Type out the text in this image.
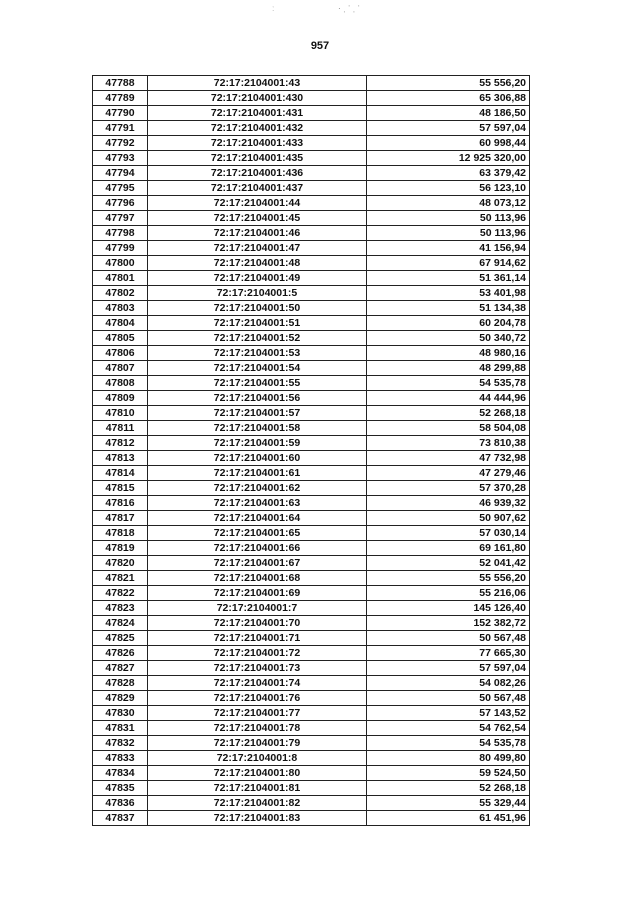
ː	· ˌ ˈ ˌ ˈ
957
47788	72:17:2104001:43	55 556,20
47789	72:17:2104001:430	65 306,88
47790	72:17:2104001:431	48 186,50
47791	72:17:2104001:432	57 597,04
47792	72:17:2104001:433	60 998,44
47793	72:17:2104001:435	12 925 320,00
47794	72:17:2104001:436	63 379,42
47795	72:17:2104001:437	56 123,10
47796	72:17:2104001:44	48 073,12
47797	72:17:2104001:45	50 113,96
47798	72:17:2104001:46	50 113,96
47799	72:17:2104001:47	41 156,94
47800	72:17:2104001:48	67 914,62
47801	72:17:2104001:49	51 361,14
47802	72:17:2104001:5	53 401,98
47803	72:17:2104001:50	51 134,38
47804	72:17:2104001:51	60 204,78
47805	72:17:2104001:52	50 340,72
47806	72:17:2104001:53	48 980,16
47807	72:17:2104001:54	48 299,88
47808	72:17:2104001:55	54 535,78
47809	72:17:2104001:56	44 444,96
47810	72:17:2104001:57	52 268,18
47811	72:17:2104001:58	58 504,08
47812	72:17:2104001:59	73 810,38
47813	72:17:2104001:60	47 732,98
47814	72:17:2104001:61	47 279,46
47815	72:17:2104001:62	57 370,28
47816	72:17:2104001:63	46 939,32
47817	72:17:2104001:64	50 907,62
47818	72:17:2104001:65	57 030,14
47819	72:17:2104001:66	69 161,80
47820	72:17:2104001:67	52 041,42
47821	72:17:2104001:68	55 556,20
47822	72:17:2104001:69	55 216,06
47823	72:17:2104001:7	145 126,40
47824	72:17:2104001:70	152 382,72
47825	72:17:2104001:71	50 567,48
47826	72:17:2104001:72	77 665,30
47827	72:17:2104001:73	57 597,04
47828	72:17:2104001:74	54 082,26
47829	72:17:2104001:76	50 567,48
47830	72:17:2104001:77	57 143,52
47831	72:17:2104001:78	54 762,54
47832	72:17:2104001:79	54 535,78
47833	72:17:2104001:8	80 499,80
47834	72:17:2104001:80	59 524,50
47835	72:17:2104001:81	52 268,18
47836	72:17:2104001:82	55 329,44
47837	72:17:2104001:83	61 451,96
